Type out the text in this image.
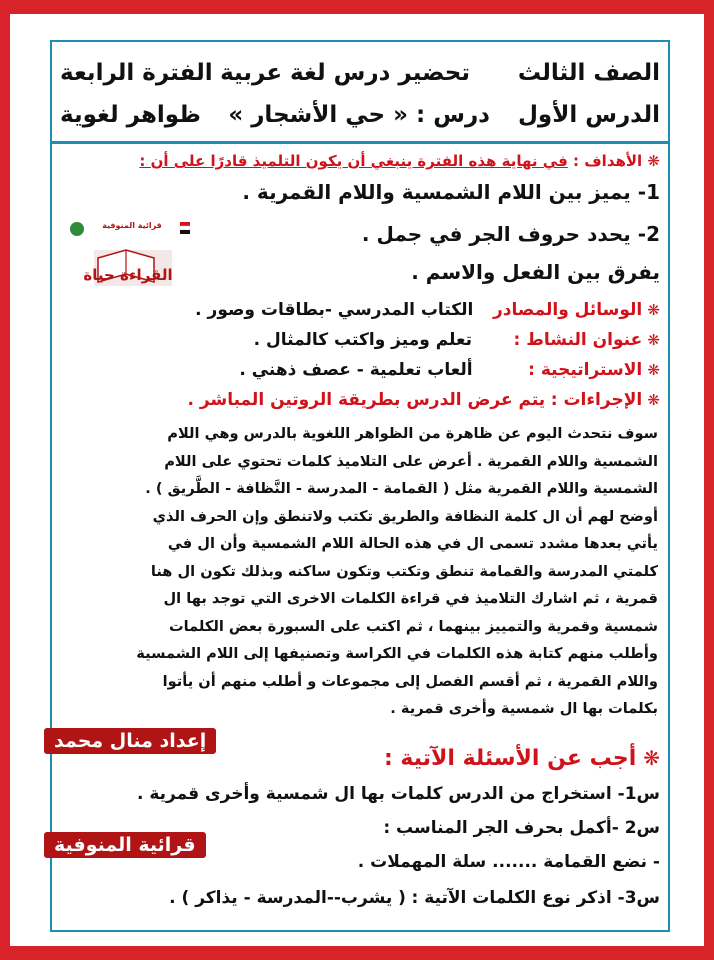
الصف الثالث
تحضير درس لغة عربية
الفترة الرابعة
الدرس الأول
درس :
« حي الأشجار »
ظواهر لغوية
❋ الأهداف : في نهاية هذه الفترة ينبغي أن يكون التلميذ قادرًا على أن :
1- يميز بين اللام الشمسية واللام القمرية .
2- يحدد حروف الجر في جمل .
يفرق بين الفعل والاسم .
قرائية المنوفية
القراءة حياة
❋ الوسائل والمصادر الكتاب المدرسي -بطاقات وصور .
❋ عنوان النشاط : تعلم وميز واكتب كالمثال .
❋ الاستراتيجية : ألعاب تعلمية - عصف ذهني .
❋ الإجراءات : يتم عرض الدرس بطريقة الروتين المباشر .
سوف نتحدث اليوم عن ظاهرة من الظواهر اللغوية بالدرس وهي اللام
الشمسية واللام القمرية . أعرض على التلاميذ كلمات تحتوي على اللام
الشمسية واللام القمرية مثل ( القمامة - المدرسة - النَّظافة - الطَّريق ) .
أوضح لهم أن ال كلمة النظافة والطريق تكتب ولاتنطق وإن الحرف الذي
يأتي بعدها مشدد تسمى ال في هذه الحالة اللام الشمسية وأن ال في
كلمتي المدرسة والقمامة تنطق وتكتب وتكون ساكنه وبذلك تكون ال هنا
قمرية ، ثم اشارك التلاميذ في قراءة الكلمات الاخرى التي توجد بها ال
شمسية وقمرية والتمييز بينهما ، ثم اكتب على السبورة بعض الكلمات
وأطلب منهم كتابة هذه الكلمات في الكراسة وتصنيفها إلى اللام الشمسية
واللام القمرية ، ثم أقسم الفصل إلى مجموعات و أطلب منهم أن يأتوا
بكلمات بها ال شمسية وأخرى قمرية .
إعداد منال محمد
❋ أجب عن الأسئلة الآتية :
س1- استخراج من الدرس كلمات بها ال شمسية وأخرى قمرية .
س2 -أكمل بحرف الجر المناسب :
- نضع القمامة ....... سلة المهملات .
س3- اذكر نوع الكلمات الآتية : ( يشرب--المدرسة - يذاكر ) .
قرائية المنوفية
